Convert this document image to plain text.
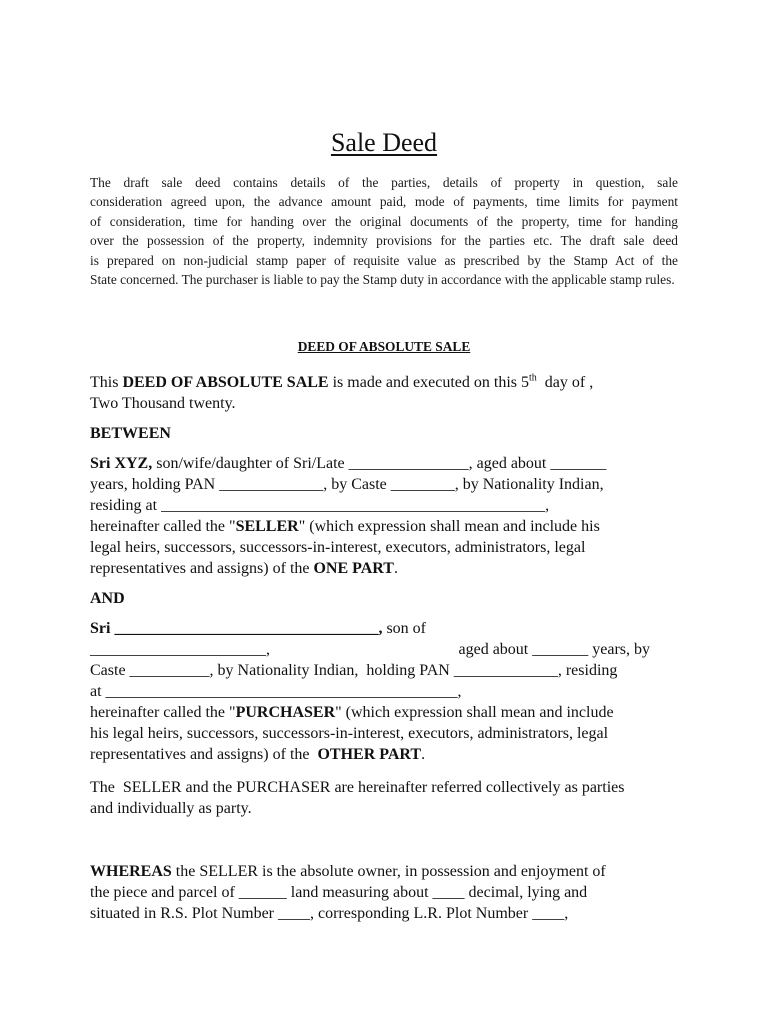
Sale Deed
The draft sale deed contains details of the parties, details of property in question, sale consideration agreed upon, the advance amount paid, mode of payments, time limits for payment of consideration, time for handing over the original documents of the property, time for handing over the possession of the property, indemnity provisions for the parties etc. The draft sale deed is prepared on non-judicial stamp paper of requisite value as prescribed by the Stamp Act of the State concerned. The purchaser is liable to pay the Stamp duty in accordance with the applicable stamp rules.
DEED OF ABSOLUTE SALE

This DEED OF ABSOLUTE SALE is made and executed on this 5th  day of ,
Two Thousand twenty.

BETWEEN

Sri XYZ, son/wife/daughter of Sri/Late _______________, aged about _______
years, holding PAN _____________, by Caste ________, by Nationality Indian,
residing at ________________________________________________,
hereinafter called the "SELLER" (which expression shall mean and include his
legal heirs, successors, successors-in-interest, executors, administrators, legal
representatives and assigns) of the ONE PART.

AND

Sri _________________________________, son of
______________________,	aged about _______ years, by
Caste __________, by Nationality Indian,  holding PAN _____________, residing
at ____________________________________________,
hereinafter called the "PURCHASER" (which expression shall mean and include
his legal heirs, successors, successors-in-interest, executors, administrators, legal
representatives and assigns) of the  OTHER PART.

The  SELLER and the PURCHASER are hereinafter referred collectively as parties
and individually as party.

WHEREAS the SELLER is the absolute owner, in possession and enjoyment of
the piece and parcel of ______ land measuring about ____ decimal, lying and
situated in R.S. Plot Number ____, corresponding L.R. Plot Number ____,
